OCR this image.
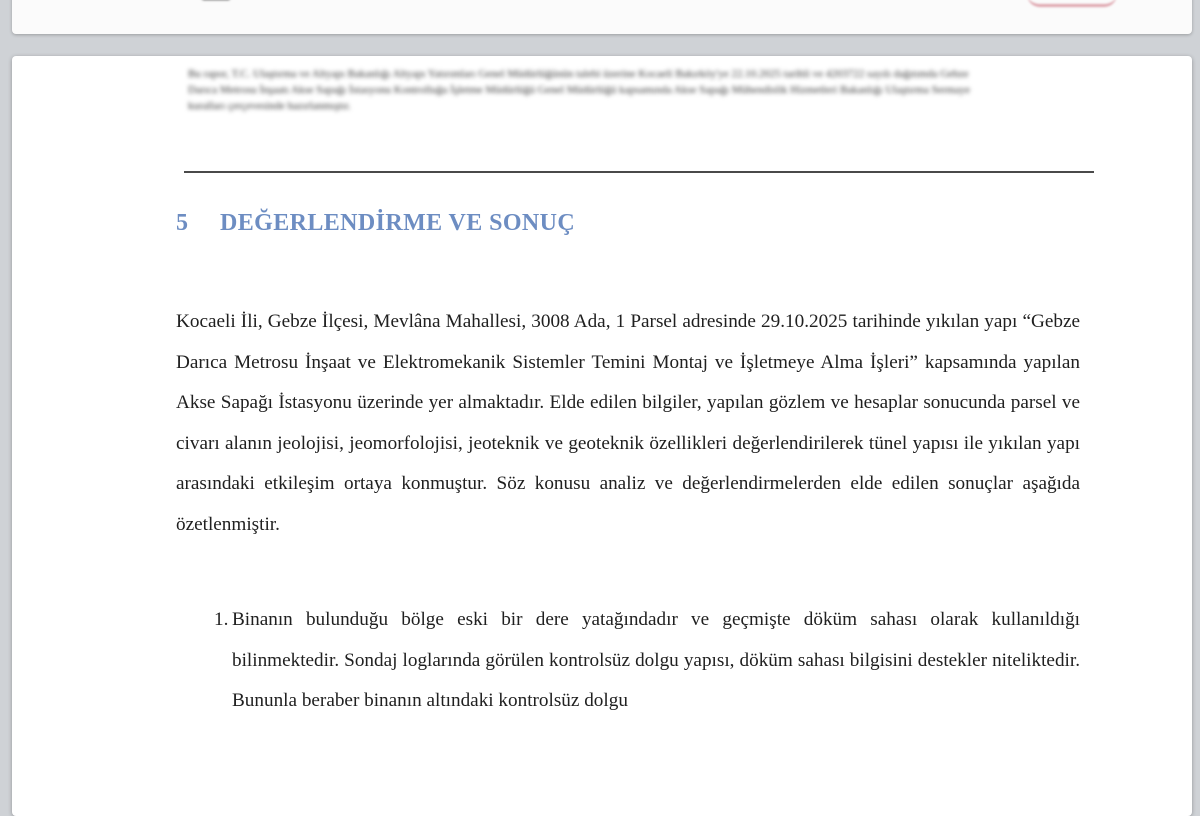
Bu rapor, T.C. Ulaştırma ve Altyapı Bakanlığı Altyapı Yatırımları Genel Müdürlüğünün talebi üzerine Kocaeli Bakırköy'ye 22.10.2025 tarihli ve 4203722 sayılı dağıtımda Gebze Darıca Metrosu İnşaatı Akse Sapağı İstasyonu Kontrolluğu İşletme Müdürlüğü Genel Müdürlüğü kapsamında Akse Sapağı Mühendislik Hizmetleri Bakanlığı Ulaştırma Sermaye kuralları çerçevesinde hazırlanmıştır.
5 DEĞERLENDİRME VE SONUÇ

Kocaeli İli, Gebze İlçesi, Mevlâna Mahallesi, 3008 Ada, 1 Parsel adresinde 29.10.2025 tarihinde yıkılan yapı “Gebze Darıca Metrosu İnşaat ve Elektromekanik Sistemler Temini Montaj ve İşletmeye Alma İşleri” kapsamında yapılan Akse Sapağı İstasyonu üzerinde yer almaktadır. Elde edilen bilgiler, yapılan gözlem ve hesaplar sonucunda parsel ve civarı alanın jeolojisi, jeomorfolojisi, jeoteknik ve geoteknik özellikleri değerlendirilerek tünel yapısı ile yıkılan yapı arasındaki etkileşim ortaya konmuştur. Söz konusu analiz ve değerlendirmelerden elde edilen sonuçlar aşağıda özetlenmiştir.

1. Binanın bulunduğu bölge eski bir dere yatağındadır ve geçmişte döküm sahası olarak kullanıldığı bilinmektedir. Sondaj loglarında görülen kontrolsüz dolgu yapısı, döküm sahası bilgisini destekler niteliktedir. Bununla beraber binanın altındaki kontrolsüz dolgu
